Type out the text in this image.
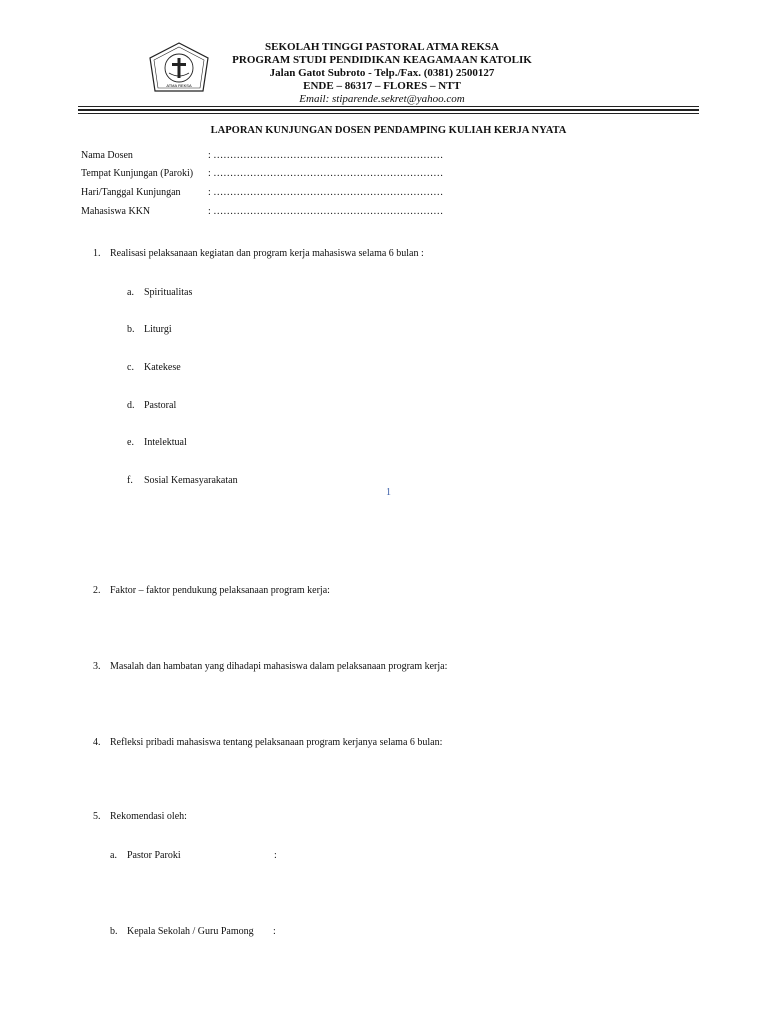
ATMA REKSA
SEKOLAH TINGGI PASTORAL ATMA REKSA
PROGRAM STUDI PENDIDIKAN KEAGAMAAN KATOLIK
Jalan Gatot Subroto - Telp./Fax. (0381) 2500127
ENDE – 86317 – FLORES – NTT
Email: stiparende.sekret@yahoo.com
LAPORAN KUNJUNGAN DOSEN PENDAMPING KULIAH KERJA NYATA
Nama Dosen	: ……………………………………………………………
Tempat Kunjungan (Paroki) : ……………………………………………………………
Hari/Tanggal Kunjungan	: ……………………………………………………………
Mahasiswa KKN	: ……………………………………………………………
1. Realisasi pelaksanaan kegiatan dan program kerja mahasiswa selama 6 bulan :
a. Spiritualitas
b. Liturgi
c. Katekese
d. Pastoral
e. Intelektual
f. Sosial Kemasyarakatan
1
2. Faktor – faktor pendukung pelaksanaan program kerja:
3. Masalah dan hambatan yang dihadapi mahasiswa dalam pelaksanaan program kerja:
4. Refleksi pribadi mahasiswa tentang pelaksanaan program kerjanya selama 6 bulan:
5. Rekomendasi oleh:
a. Pastor Paroki	:
b. Kepala Sekolah / Guru Pamong :
